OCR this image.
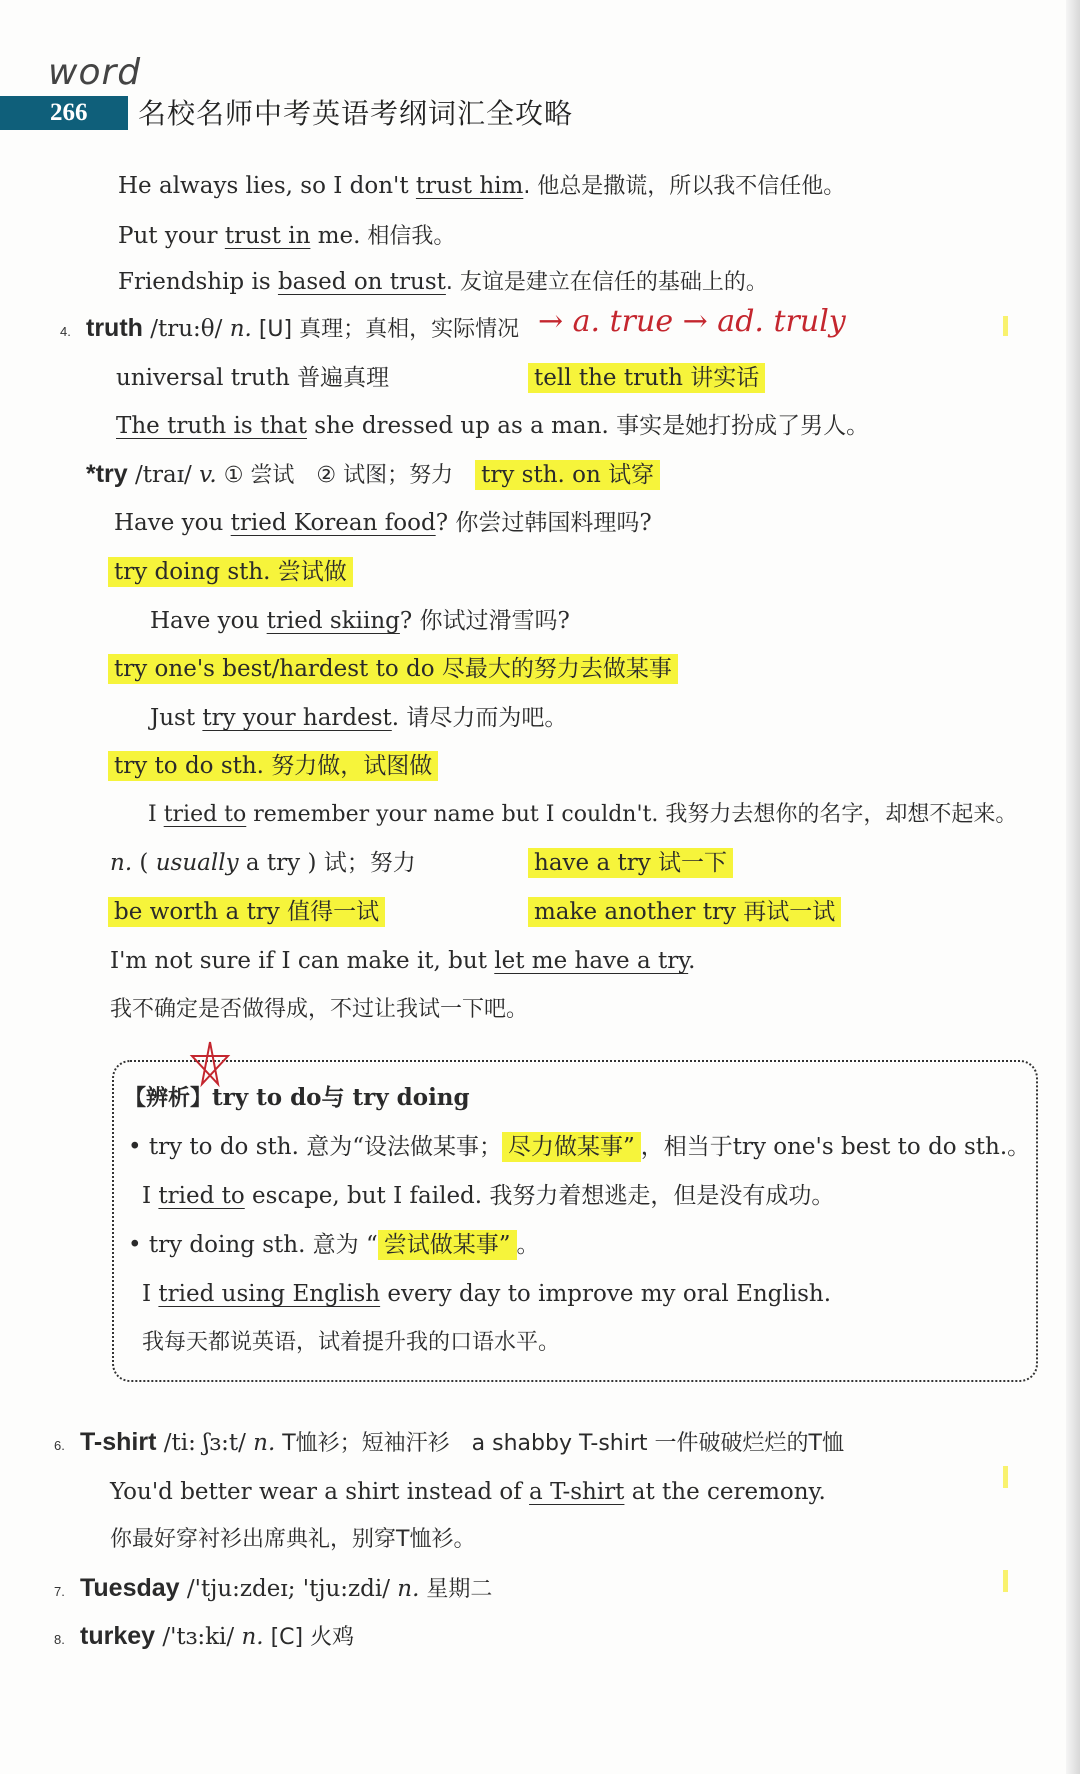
word
266 名校名师中考英语考纲词汇全攻略
He always lies, so I don't trust him. 他总是撒谎，所以我不信任他。
Put your trust in me. 相信我。
Friendship is based on trust. 友谊是建立在信任的基础上的。
4. truth /tru:θ/ n. [U] 真理；真相，实际情况 → a. true → ad. truly
universal truth 普遍真理	tell the truth 讲实话
The truth is that she dressed up as a man. 事实是她打扮成了男人。
*try /traɪ/ v. ① 尝试　② 试图；努力　try sth. on 试穿
Have you tried Korean food? 你尝过韩国料理吗?
try doing sth. 尝试做
Have you tried skiing? 你试过滑雪吗?
try one's best/hardest to do 尽最大的努力去做某事
Just try your hardest. 请尽力而为吧。
try to do sth. 努力做，试图做
I tried to remember your name but I couldn't. 我努力去想你的名字，却想不起来。
n. ( usually a try ) 试；努力	have a try 试一下
be worth a try 值得一试	make another try 再试一试
I'm not sure if I can make it, but let me have a try.
我不确定是否做得成，不过让我试一下吧。
【辨析】try to do与 try doing
• try to do sth. 意为“设法做某事； 尽力做某事” ，相当于try one's best to do sth.。
I tried to escape, but I failed. 我努力着想逃走，但是没有成功。
• try doing sth. 意为 “ 尝试做某事” 。
I tried using English every day to improve my oral English.
我每天都说英语，试着提升我的口语水平。
6. T-shirt /ti: ʃɜ:t/ n. T恤衫；短袖汗衫　a shabby T-shirt 一件破破烂烂的T恤
You'd better wear a shirt instead of a T-shirt at the ceremony.
你最好穿衬衫出席典礼，别穿T恤衫。
7. Tuesday /'tju:zdeɪ; 'tju:zdi/ n. 星期二
8. turkey /'tɜ:ki/ n. [C] 火鸡
